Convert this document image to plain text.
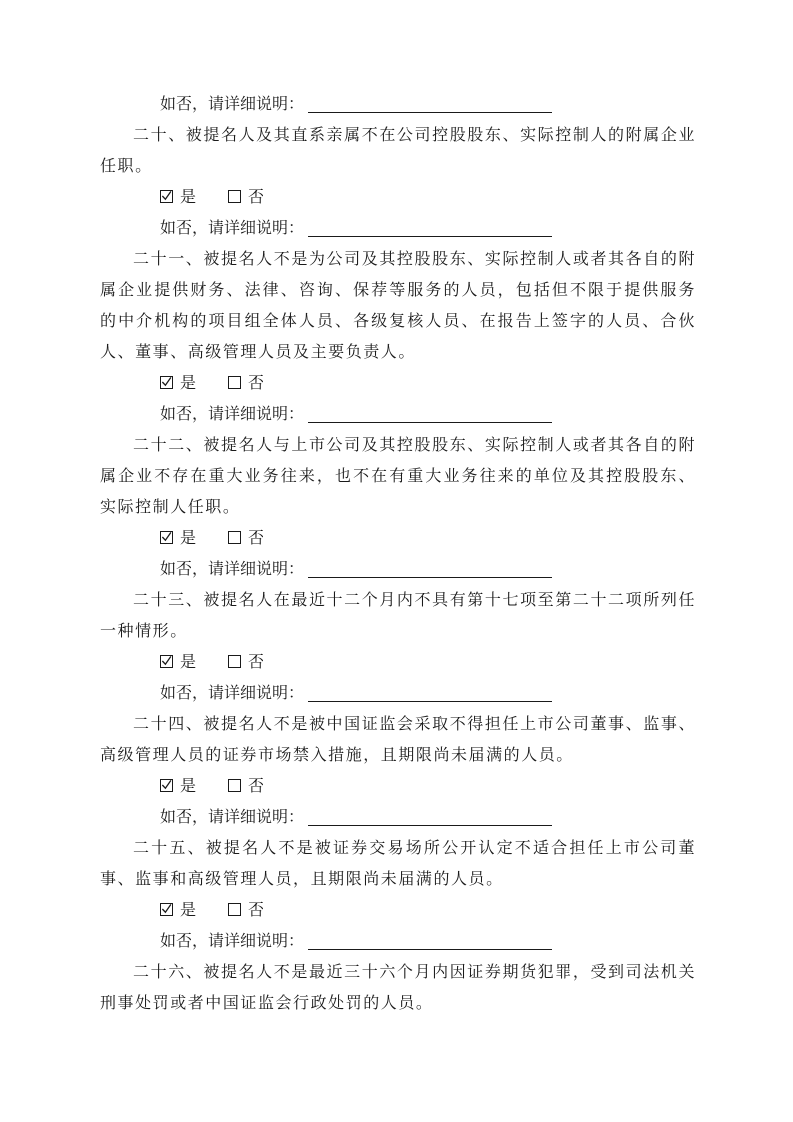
如否，请详细说明：

二十、被提名人及其直系亲属不在公司控股股东、实际控制人的附属企业任职。

是	否
如否，请详细说明：

二十一、被提名人不是为公司及其控股股东、实际控制人或者其各自的附属企业提供财务、法律、咨询、保荐等服务的人员，包括但不限于提供服务的中介机构的项目组全体人员、各级复核人员、在报告上签字的人员、合伙人、董事、高级管理人员及主要负责人。

是	否
如否，请详细说明：

二十二、被提名人与上市公司及其控股股东、实际控制人或者其各自的附属企业不存在重大业务往来，也不在有重大业务往来的单位及其控股股东、实际控制人任职。

是	否
如否，请详细说明：

二十三、被提名人在最近十二个月内不具有第十七项至第二十二项所列任一种情形。

是	否
如否，请详细说明：

二十四、被提名人不是被中国证监会采取不得担任上市公司董事、监事、高级管理人员的证券市场禁入措施，且期限尚未届满的人员。

是	否
如否，请详细说明：

二十五、被提名人不是被证券交易场所公开认定不适合担任上市公司董事、监事和高级管理人员，且期限尚未届满的人员。

是	否
如否，请详细说明：

二十六、被提名人不是最近三十六个月内因证券期货犯罪，受到司法机关刑事处罚或者中国证监会行政处罚的人员。
